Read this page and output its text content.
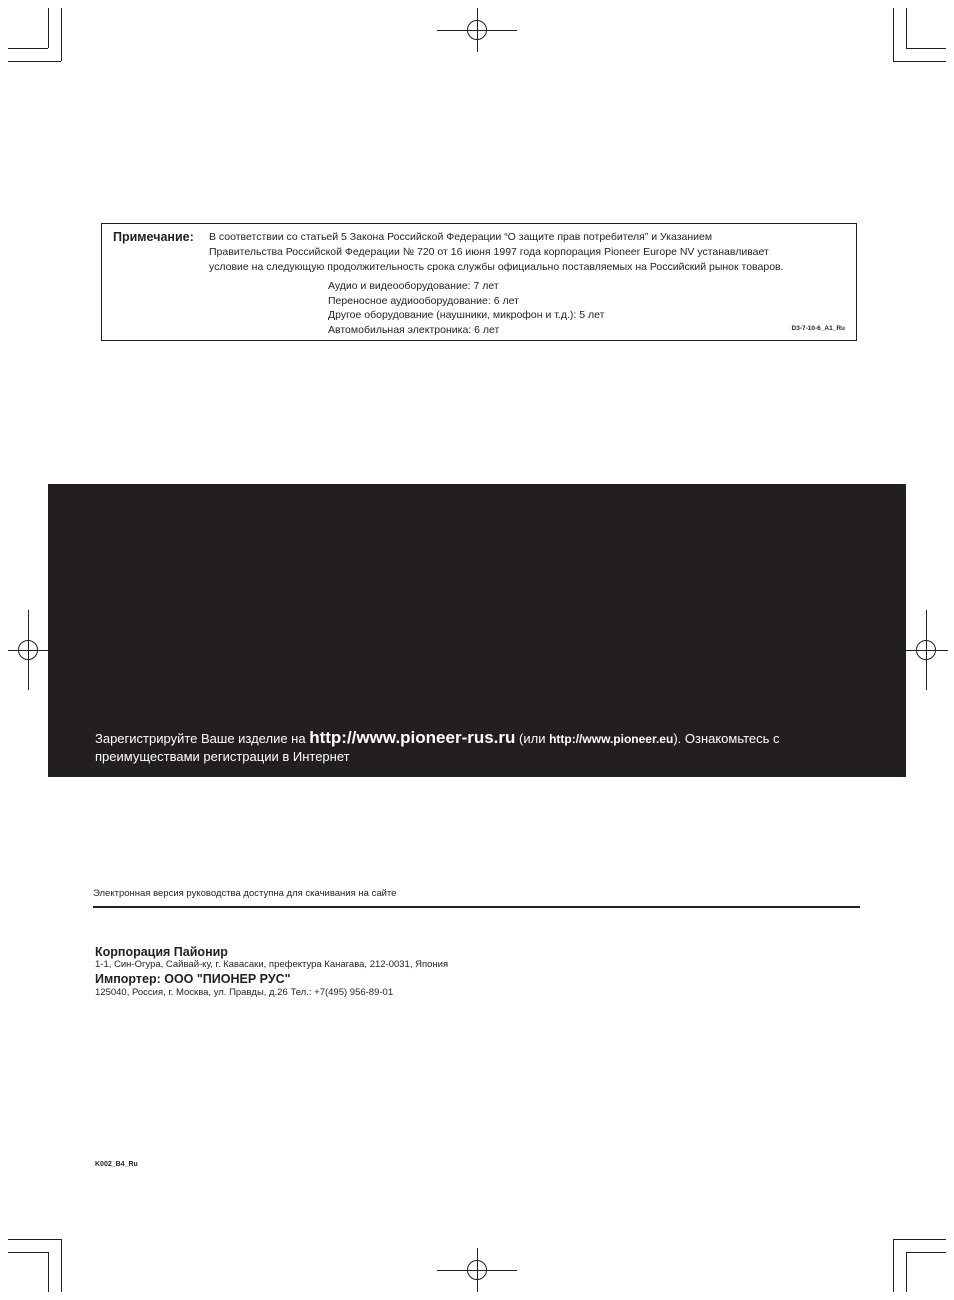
Примечание: В соответствии со статьей 5 Закона Российской Федерации “О защите прав потребителя” и Указанием
Правительства Российской Федерации № 720 от 16 июня 1997 года корпорация Pioneer Europe NV устанавливает
условие на следующую продолжительность срока службы официально поставляемых на Российский рынок товаров.
Аудио и видеооборудование: 7 лет
Переносное аудиооборудование: 6 лет
Другое оборудование (наушники, микрофон и т.д.): 5 лет
Автомобильная электроника: 6 лет	D3-7-10-6_A1_Ru
Зарегистрируйте Ваше изделие на http://www.pioneer-rus.ru (или http://www.pioneer.eu). Ознакомьтесь с
преимуществами регистрации в Интернет
Электронная версия руководства доступна для скачивания на сайте
Корпорация Пайонир
1-1, Син-Огура, Сайвай-ку, г. Кавасаки, префектура Канагава, 212-0031, Япония
Импортер: ООО "ПИОНЕР РУС"
125040, Россия, г. Москва, ул. Правды, д.26 Тел.: +7(495) 956-89-01
K002_B4_Ru
